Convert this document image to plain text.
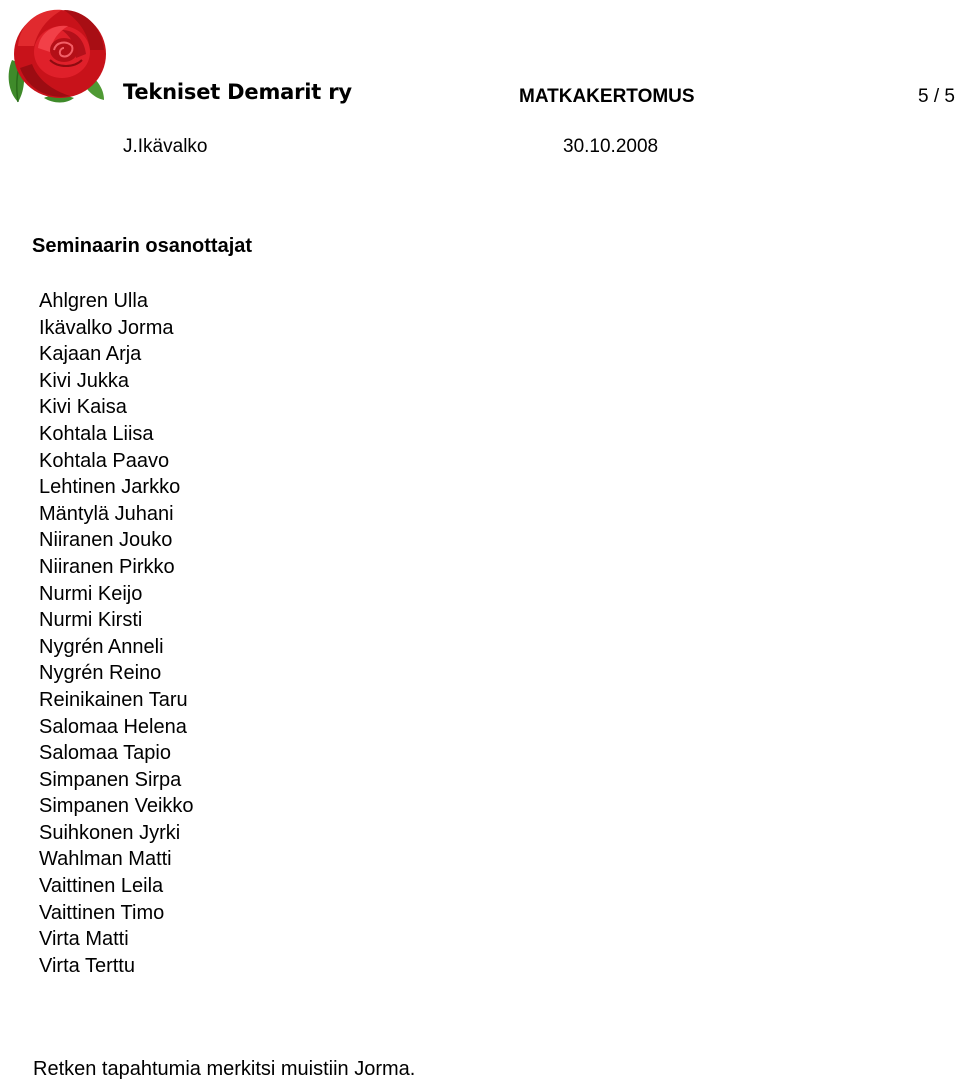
Tekniset Demarit ry	MATKAKERTOMUS	5 / 5
J.Ikävalko	30.10.2008
Seminaarin osanottajat
Ahlgren Ulla
Ikävalko Jorma
Kajaan Arja
Kivi Jukka
Kivi Kaisa
Kohtala Liisa
Kohtala Paavo
Lehtinen Jarkko
Mäntylä Juhani
Niiranen Jouko
Niiranen Pirkko
Nurmi Keijo
Nurmi Kirsti
Nygrén Anneli
Nygrén Reino
Reinikainen Taru
Salomaa Helena
Salomaa Tapio
Simpanen Sirpa
Simpanen Veikko
Suihkonen Jyrki
Wahlman Matti
Vaittinen Leila
Vaittinen Timo
Virta Matti
Virta Terttu
Retken tapahtumia merkitsi muistiin Jorma.
